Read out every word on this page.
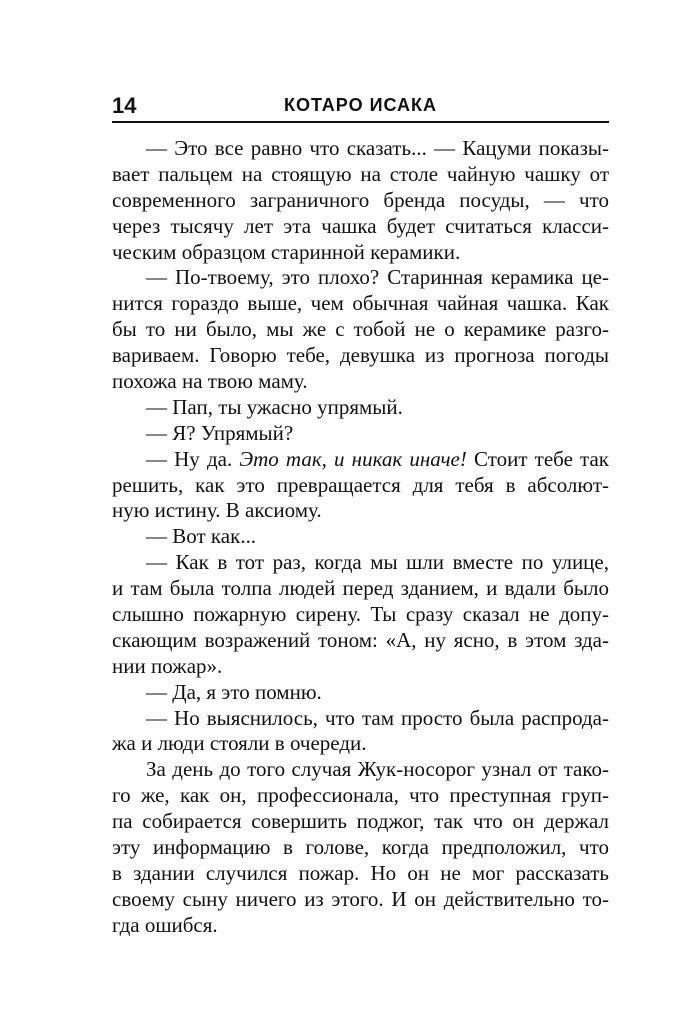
14	КОТАРО ИСАКА
— Это все равно что сказать... — Кацуми показы-
вает пальцем на стоящую на столе чайную чашку от
современного заграничного бренда посуды, — что
через тысячу лет эта чашка будет считаться класси-
ческим образцом старинной керамики.
— По-твоему, это плохо? Старинная керамика це-
нится гораздо выше, чем обычная чайная чашка. Как
бы то ни было, мы же с тобой не о керамике разго-
вариваем. Говорю тебе, девушка из прогноза погоды
похожа на твою маму.
— Пап, ты ужасно упрямый.
— Я? Упрямый?
— Ну да. Это так, и никак иначе! Стоит тебе так
решить, как это превращается для тебя в абсолют-
ную истину. В аксиому.
— Вот как...
— Как в тот раз, когда мы шли вместе по улице,
и там была толпа людей перед зданием, и вдали было
слышно пожарную сирену. Ты сразу сказал не допу-
скающим возражений тоном: «А, ну ясно, в этом зда-
нии пожар».
— Да, я это помню.
— Но выяснилось, что там просто была распрода-
жа и люди стояли в очереди.
За день до того случая Жук-носорог узнал от тако-
го же, как он, профессионала, что преступная груп-
па собирается совершить поджог, так что он держал
эту информацию в голове, когда предположил, что
в здании случился пожар. Но он не мог рассказать
своему сыну ничего из этого. И он действительно то-
гда ошибся.
